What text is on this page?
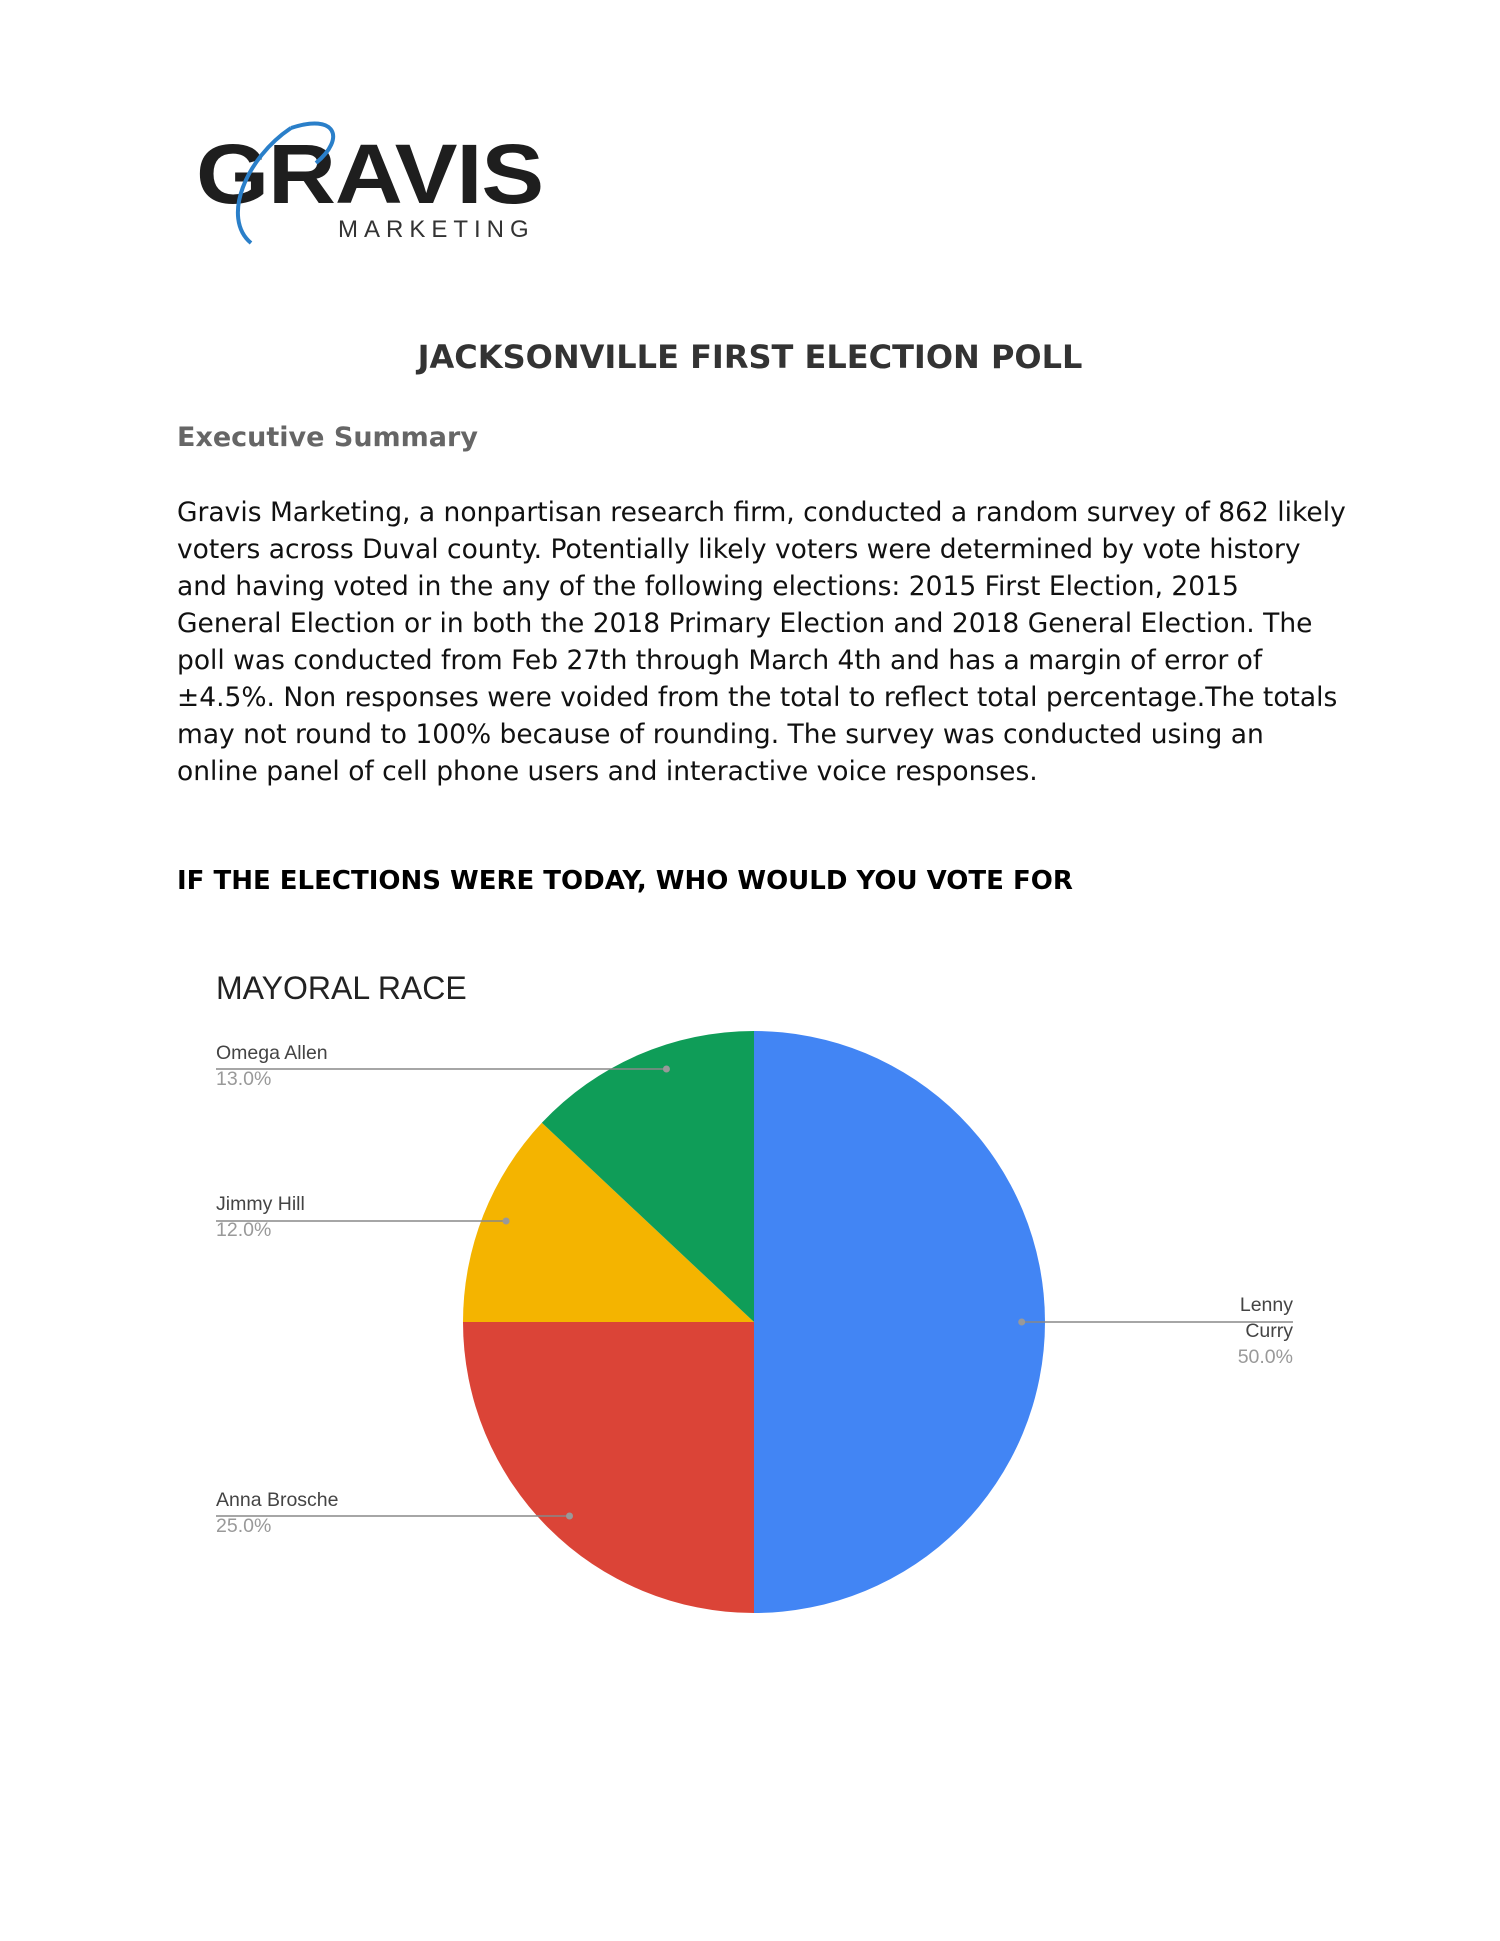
GRAVIS
MARKETING
JACKSONVILLE FIRST ELECTION POLL
Executive Summary
Gravis Marketing, a nonpartisan research firm, conducted a random survey of 862 likely voters across Duval county. Potentially likely voters were determined by vote history and having voted in the any of the following elections: 2015 First Election, 2015 General Election or in both the 2018 Primary Election and 2018 General Election. The poll was conducted from Feb 27th through March 4th and has a margin of error of ±4.5%. Non responses were voided from the total to reflect total percentage.The totals may not round to 100% because of rounding. The survey was conducted using an online panel of cell phone users and interactive voice responses.
IF THE ELECTIONS WERE TODAY, WHO WOULD YOU VOTE FOR
MAYORAL RACE
Lenny Curry
50.0%
Anna Brosche
25.0%
Jimmy Hill
12.0%
Omega Allen
13.0%
